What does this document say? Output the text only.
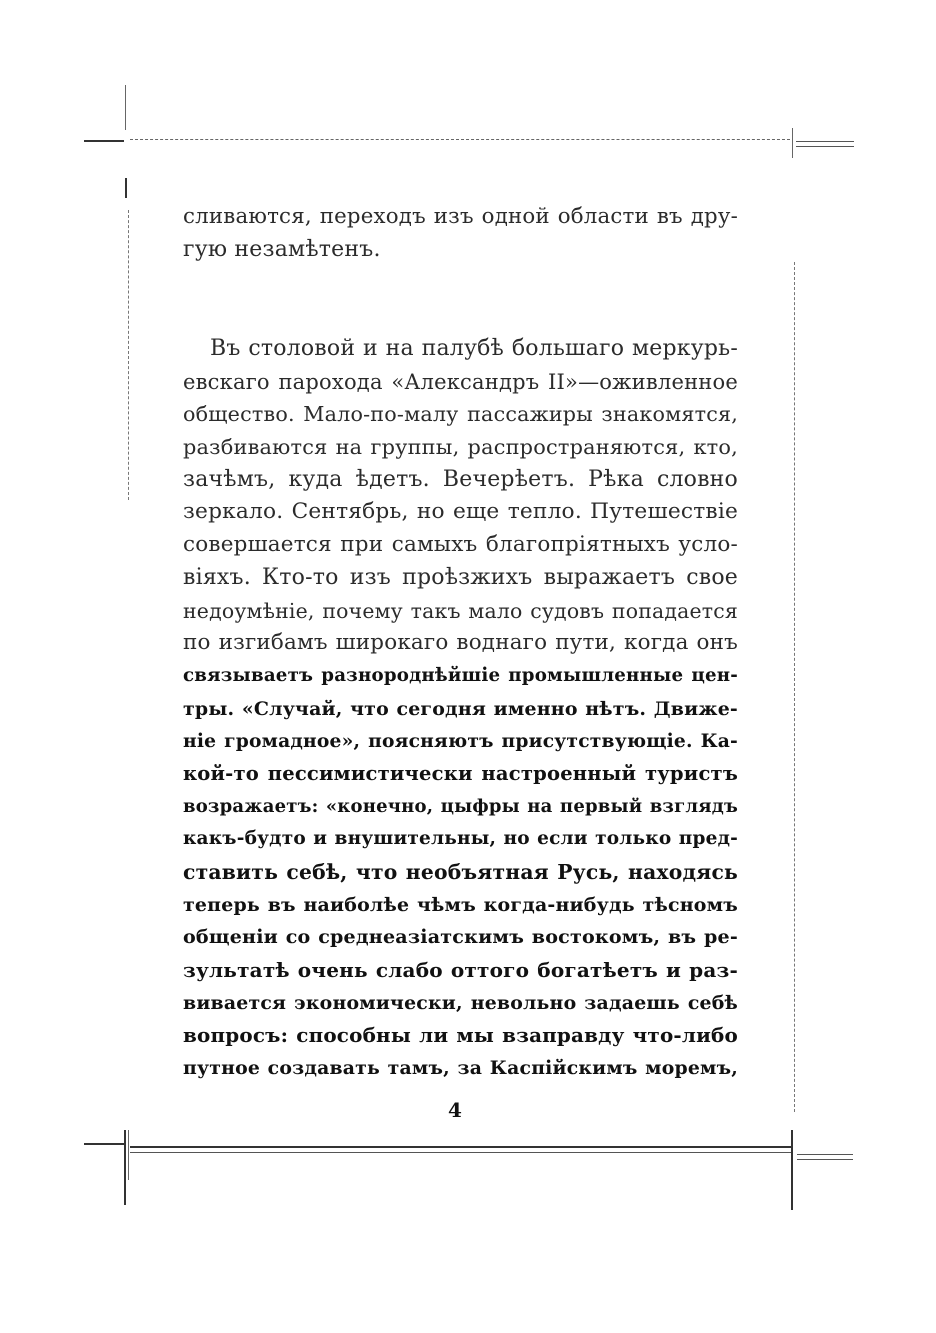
сливаются, переходъ изъ одной области въ дру-
гую незамѣтенъ.
Въ столовой и на палубѣ большаго меркурь-
евскаго парохода «Александръ II»—оживленное
общество. Мало-по-малу пассажиры знакомятся,
разбиваются на группы, распространяются, кто,
зачѣмъ, куда ѣдетъ. Вечерѣетъ. Рѣка словно
зеркало. Сентябрь, но еще тепло. Путешествіе
совершается при самыхъ благопріятныхъ усло-
віяхъ. Кто-то изъ проѣзжихъ выражаетъ свое
недоумѣніе, почему такъ мало судовъ попадается
по изгибамъ широкаго воднаго пути, когда онъ
связываетъ разнороднѣйшіе промышленные цен-
тры. «Случай, что сегодня именно нѣтъ. Движе-
ніе громадное», поясняютъ присутствующіе. Ка-
кой-то пессимистически настроенный туристъ
возражаетъ: «конечно, цыфры на первый взглядъ
какъ-будто и внушительны, но если только пред-
ставить себѣ, что необъятная Русь, находясь
теперь въ наиболѣе чѣмъ когда-нибудь тѣсномъ
общеніи со среднеазіатскимъ востокомъ, въ ре-
зультатѣ очень слабо оттого богатѣетъ и раз-
вивается экономически, невольно задаешь себѣ
вопросъ: способны ли мы взаправду что-либо
путное создавать тамъ, за Каспійскимъ моремъ,
4
